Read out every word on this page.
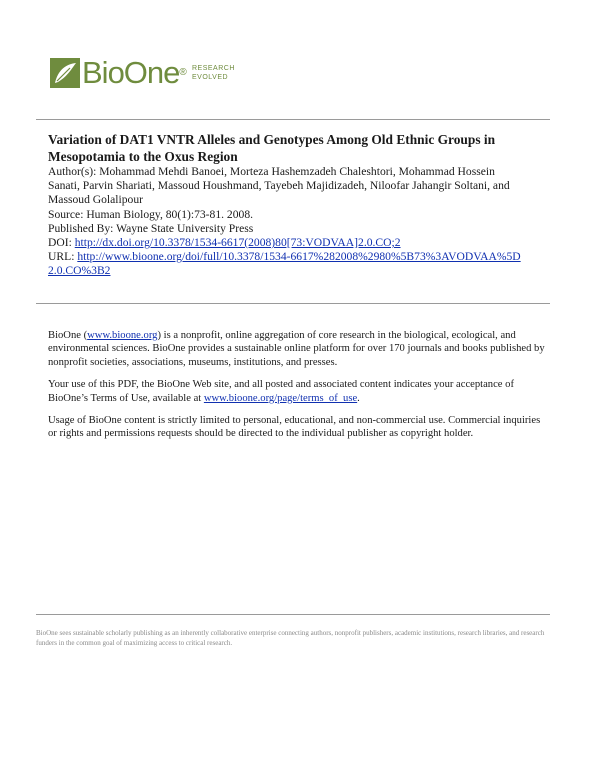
BioOne® RESEARCH
EVOLVED
Variation of DAT1 VNTR Alleles and Genotypes Among Old Ethnic Groups in Mesopotamia to the Oxus Region
Author(s): Mohammad Mehdi Banoei, Morteza Hashemzadeh Chaleshtori, Mohammad Hossein Sanati, Parvin Shariati, Massoud Houshmand, Tayebeh Majidizadeh, Niloofar Jahangir Soltani, and Massoud Golalipour
Source: Human Biology, 80(1):73-81. 2008.
Published By: Wayne State University Press
DOI: http://dx.doi.org/10.3378/1534-6617(2008)80[73:VODVAA]2.0.CO;2
URL: http://www.bioone.org/doi/full/10.3378/1534-6617%282008%2980%5B73%3AVODVAA%5D2.0.CO%3B2

BioOne (www.bioone.org) is a nonprofit, online aggregation of core research in the biological, ecological, and environmental sciences. BioOne provides a sustainable online platform for over 170 journals and books published by nonprofit societies, associations, museums, institutions, and presses.

Your use of this PDF, the BioOne Web site, and all posted and associated content indicates your acceptance of BioOne’s Terms of Use, available at www.bioone.org/page/terms_of_use.

Usage of BioOne content is strictly limited to personal, educational, and non-commercial use. Commercial inquiries or rights and permissions requests should be directed to the individual publisher as copyright holder.

BioOne sees sustainable scholarly publishing as an inherently collaborative enterprise connecting authors, nonprofit publishers, academic institutions, research libraries, and research funders in the common goal of maximizing access to critical research.
